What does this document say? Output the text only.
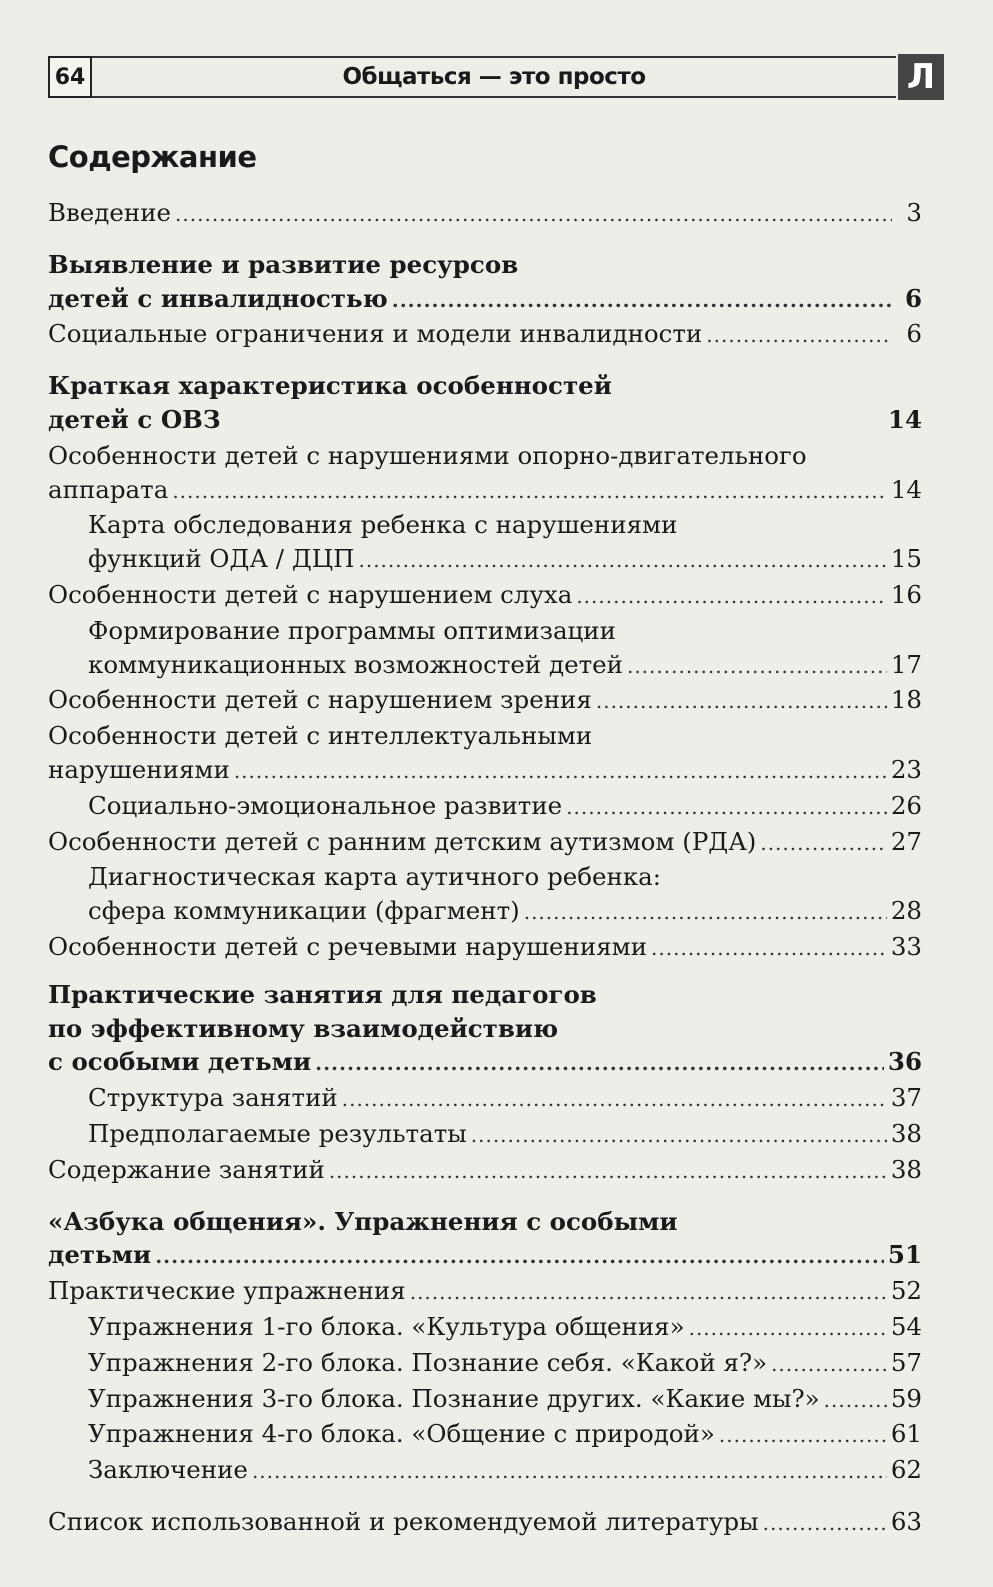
64	Общаться — это просто	Л
Содержание
Введение .....	3
Выявление и развитие ресурсов
детей с инвалидностью .....	6
Социальные ограничения и модели инвалидности .....	6
Краткая характеристика особенностей
детей с ОВЗ	14
Особенности детей с нарушениями опорно-двигательного
аппарата .....	14
Карта обследования ребенка с нарушениями
функций ОДА / ДЦП .....	15
Особенности детей с нарушением слуха .....	16
Формирование программы оптимизации
коммуникационных возможностей детей .....	17
Особенности детей с нарушением зрения .....	18
Особенности детей с интеллектуальными
нарушениями .....	23
Социально-эмоциональное развитие .....	26
Особенности детей с ранним детским аутизмом (РДА) .....	27
Диагностическая карта аутичного ребенка:
сфера коммуникации (фрагмент) .....	28
Особенности детей с речевыми нарушениями .....	33
Практические занятия для педагогов
по эффективному взаимодействию
с особыми детьми .....	36
Структура занятий .....	37
Предполагаемые результаты .....	38
Содержание занятий .....	38
«Азбука общения». Упражнения с особыми
детьми .....	51
Практические упражнения .....	52
Упражнения 1-го блока. «Культура общения» .....	54
Упражнения 2-го блока. Познание себя. «Какой я?» .....	57
Упражнения 3-го блока. Познание других. «Какие мы?» .....	59
Упражнения 4-го блока. «Общение с природой» .....	61
Заключение .....	62
Список использованной и рекомендуемой литературы .....	63
